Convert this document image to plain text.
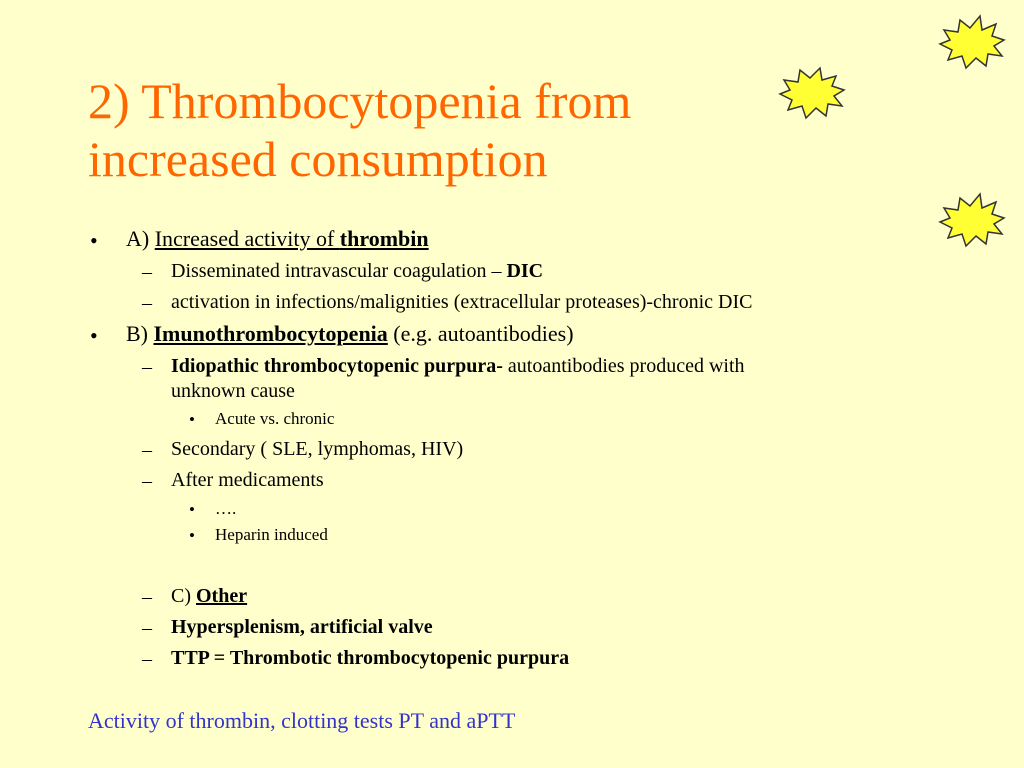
2) Thrombocytopenia from
increased consumption
• A) Increased activity of thrombin
– Disseminated intravascular coagulation – DIC
– activation in infections/malignities (extracellular proteases)-chronic DIC
• B) Imunothrombocytopenia (e.g. autoantibodies)
– Idiopathic thrombocytopenic purpura- autoantibodies produced with
unknown cause
• Acute vs. chronic
– Secondary ( SLE, lymphomas, HIV)
– After medicaments
• ….
• Heparin induced
– C) Other
– Hypersplenism, artificial valve
– TTP = Thrombotic thrombocytopenic purpura
Activity of thrombin, clotting tests PT and aPTT
